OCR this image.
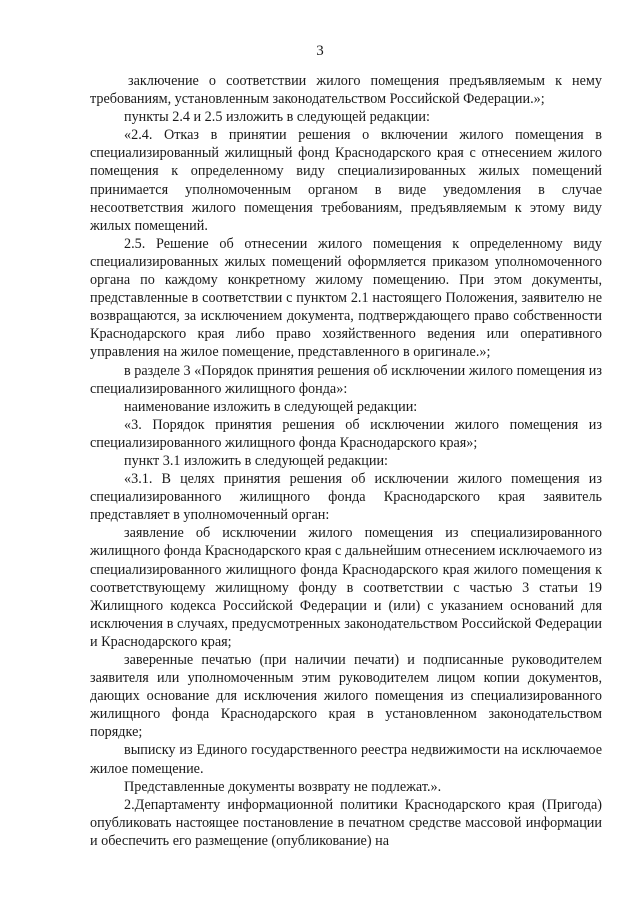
3

заключение о соответствии жилого помещения предъявляемым к нему требованиям, установленным законодательством Российской Федерации.»;

пункты 2.4 и 2.5 изложить в следующей редакции:

«2.4. Отказ в принятии решения о включении жилого помещения в специализированный жилищный фонд Краснодарского края с отнесением жилого помещения к определенному виду специализированных жилых помещений принимается уполномоченным органом в виде уведомления в случае несоответствия жилого помещения требованиям, предъявляемым к этому виду жилых помещений.

2.5. Решение об отнесении жилого помещения к определенному виду специализированных жилых помещений оформляется приказом уполномоченного органа по каждому конкретному жилому помещению. При этом документы, представленные в соответствии с пунктом 2.1 настоящего Положения, заявителю не возвращаются, за исключением документа, подтверждающего право собственности Краснодарского края либо право хозяйственного ведения или оперативного управления на жилое помещение, представленного в оригинале.»;

в разделе 3 «Порядок принятия решения об исключении жилого помещения из специализированного жилищного фонда»:

наименование изложить в следующей редакции:

«3. Порядок принятия решения об исключении жилого помещения из специализированного жилищного фонда Краснодарского края»;

пункт 3.1 изложить в следующей редакции:

«3.1. В целях принятия решения об исключении жилого помещения из специализированного жилищного фонда Краснодарского края заявитель представляет в уполномоченный орган:

заявление об исключении жилого помещения из специализированного жилищного фонда Краснодарского края с дальнейшим отнесением исключаемого из специализированного жилищного фонда Краснодарского края жилого помещения к соответствующему жилищному фонду в соответствии с частью 3 статьи 19 Жилищного кодекса Российской Федерации и (или) с указанием оснований для исключения в случаях, предусмотренных законодательством Российской Федерации и Краснодарского края;

заверенные печатью (при наличии печати) и подписанные руководителем заявителя или уполномоченным этим руководителем лицом копии документов, дающих основание для исключения жилого помещения из специализированного жилищного фонда Краснодарского края в установленном законодательством порядке;

выписку из Единого государственного реестра недвижимости на исключаемое жилое помещение.

Представленные документы возврату не подлежат.».

2.Департаменту информационной политики Краснодарского края (Пригода) опубликовать настоящее постановление в печатном средстве массовой информации и обеспечить его размещение (опубликование) на
